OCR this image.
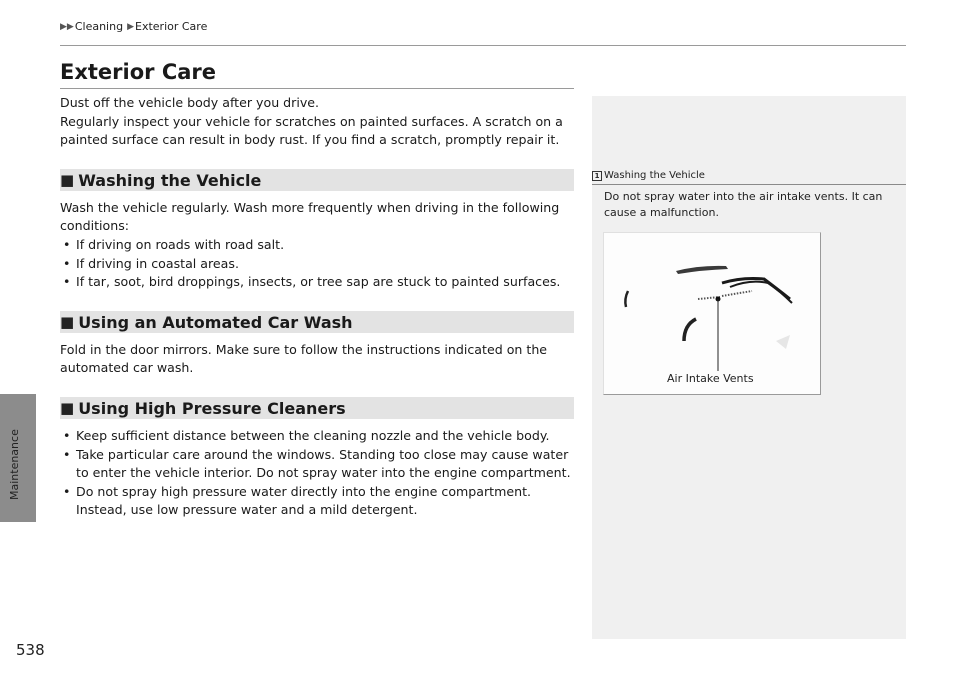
▶▶ Cleaning ▶ Exterior Care
Maintenance
538
Exterior Care

Dust off the vehicle body after you drive.

Regularly inspect your vehicle for scratches on painted surfaces. A scratch on a

painted surface can result in body rust. If you find a scratch, promptly repair it.

■ Washing the Vehicle

Wash the vehicle regularly. Wash more frequently when driving in the following

conditions:

• If driving on roads with road salt.
• If driving in coastal areas.
• If tar, soot, bird droppings, insects, or tree sap are stuck to painted surfaces.
■ Using an Automated Car Wash

Fold in the door mirrors. Make sure to follow the instructions indicated on the

automated car wash.

■ Using High Pressure Cleaners
• Keep sufficient distance between the cleaning nozzle and the vehicle body.
• Take particular care around the windows. Standing too close may cause water to enter the vehicle interior. Do not spray water into the engine compartment.
• Do not spray high pressure water directly into the engine compartment. Instead, use low pressure water and a mild detergent.
1 Washing the Vehicle

Do not spray water into the air intake vents. It can
cause a malfunction.

Air Intake Vents
